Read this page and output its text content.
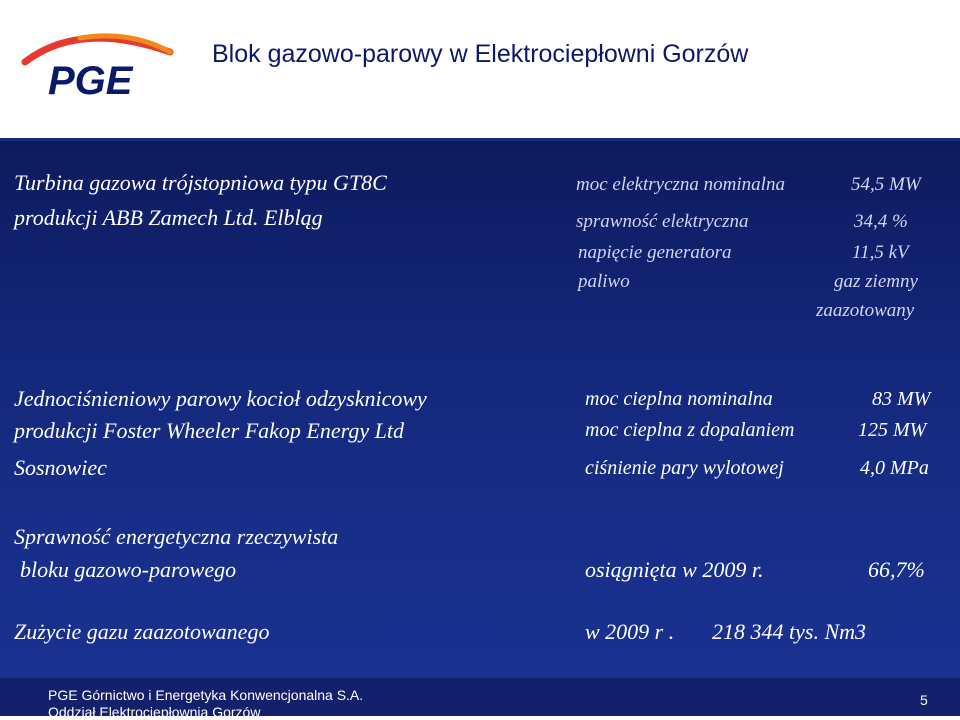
PGE
Blok gazowo-parowy w Elektrociepłowni Gorzów
Turbina gazowa trójstopniowa typu GT8C
produkcji ABB Zamech Ltd. Elbląg
moc elektryczna nominalna	54,5 MW
sprawność elektryczna	34,4 %
napięcie generatora	11,5 kV
paliwo	gaz ziemny
zaazotowany
Jednociśnieniowy parowy kocioł odzysknicowy
produkcji Foster Wheeler Fakop Energy Ltd
Sosnowiec
moc cieplna nominalna	83 MW
moc cieplna z dopalaniem	125 MW
ciśnienie pary wylotowej	4,0 MPa
Sprawność energetyczna rzeczywista
bloku gazowo-parowego	osiągnięta w 2009 r.	66,7%
Zużycie gazu zaazotowanego	w 2009 r . 218 344 tys. Nm3
PGE Górnictwo i Energetyka Konwencjonalna S.A.
Oddział Elektrociepłownia Gorzów
5
